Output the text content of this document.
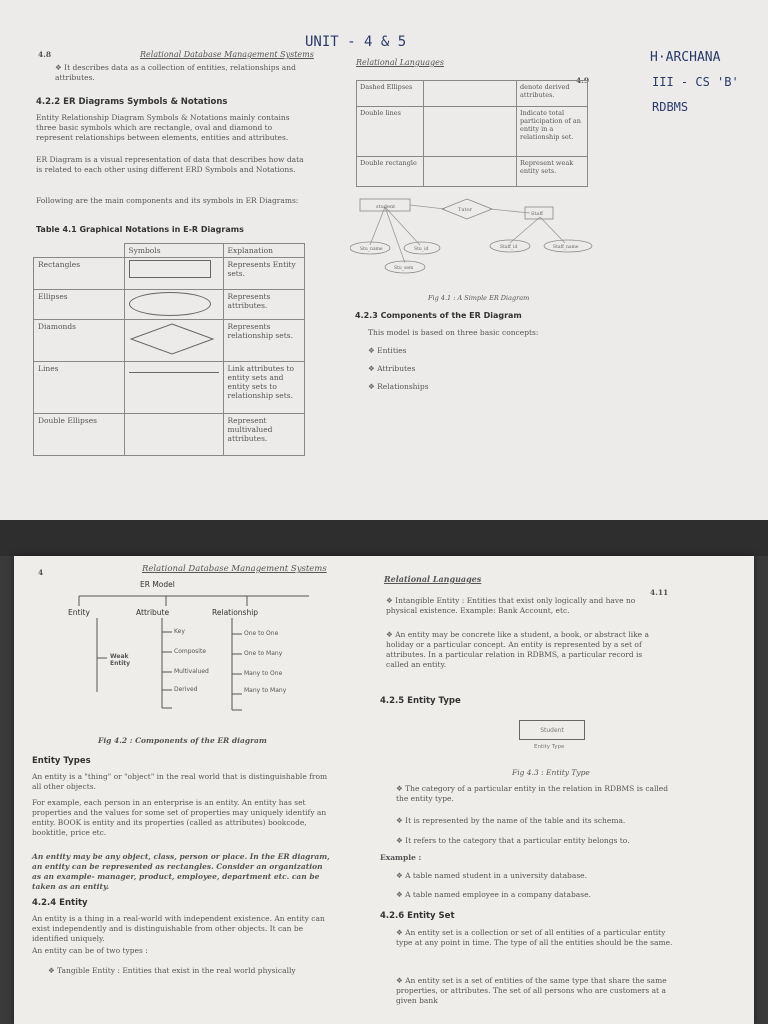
UNIT - 4 & 5
H·ARCHANA
III - CS 'B'
RDBMS
4.8	Relational Database Management Systems
❖ It describes data as a collection of entities, relationships and attributes.
4.2.2 ER Diagrams Symbols & Notations
Entity Relationship Diagram Symbols & Notations mainly contains three basic symbols which are rectangle, oval and diamond to represent relationships between elements, entities and attributes.
ER Diagram is a visual representation of data that describes how data is related to each other using different ERD Symbols and Notations.
Following are the main components and its symbols in ER Diagrams:
Table 4.1 Graphical Notations in E-R Diagrams
	Symbols	Explanation
Rectangles		Represents Entity sets.
Ellipses		Represents attributes.
Diamonds		Represents relationship sets.
Lines		Link attributes to entity sets and entity sets to relationship sets.
Double Ellipses		Represent multivalued attributes.
Relational Languages
4.9
Dashed Ellipses		denote derived attributes.
Double lines		Indicate total participation of an entity in a relationship set.
Double rectangle		Represent weak entity sets.
student	Tutor
Staff
Stu_name	Stu_id
Stu_sem
Staff_id	Staff_name
Fig 4.1 : A Simple ER Diagram
4.2.3 Components of the ER Diagram
This model is based on three basic concepts:
❖ Entities
❖ Attributes
❖ Relationships
4	Relational Database Management Systems
ER Model
Entity	Attribute	Relationship
Weak Entity
Key
Composite
Multivalued
Derived
One to One
One to Many
Many to One
Many to Many
Fig 4.2 : Components of the ER diagram
Entity Types
An entity is a "thing" or "object" in the real world that is distinguishable from all other objects.
For example, each person in an enterprise is an entity. An entity has set properties and the values for some set of properties may uniquely identify an entity. BOOK is entity and its properties (called as attributes) bookcode, booktitle, price etc.
An entity may be any object, class, person or place. In the ER diagram, an entity can be represented as rectangles. Consider an organization as an example- manager, product, employee, department etc. can be taken as an entity.
4.2.4 Entity
An entity is a thing in a real-world with independent existence. An entity can exist independently and is distinguishable from other objects. It can be identified uniquely.
An entity can be of two types :
❖ Tangible Entity : Entities that exist in the real world physically
Relational Languages
4.11
❖ Intangible Entity : Entities that exist only logically and have no physical existence. Example: Bank Account, etc.
❖ An entity may be concrete like a student, a book, or abstract like a holiday or a particular concept. An entity is represented by a set of attributes. In a particular relation in RDBMS, a particular record is called an entity.
4.2.5 Entity Type
Student
Entity Type
Fig 4.3 : Entity Type
❖ The category of a particular entity in the relation in RDBMS is called the entity type.
❖ It is represented by the name of the table and its schema.
❖ It refers to the category that a particular entity belongs to.
Example :
❖ A table named student in a university database.
❖ A table named employee in a company database.
4.2.6 Entity Set
❖ An entity set is a collection or set of all entities of a particular entity type at any point in time. The type of all the entities should be the same.
❖ An entity set is a set of entities of the same type that share the same properties, or attributes. The set of all persons who are customers at a given bank
